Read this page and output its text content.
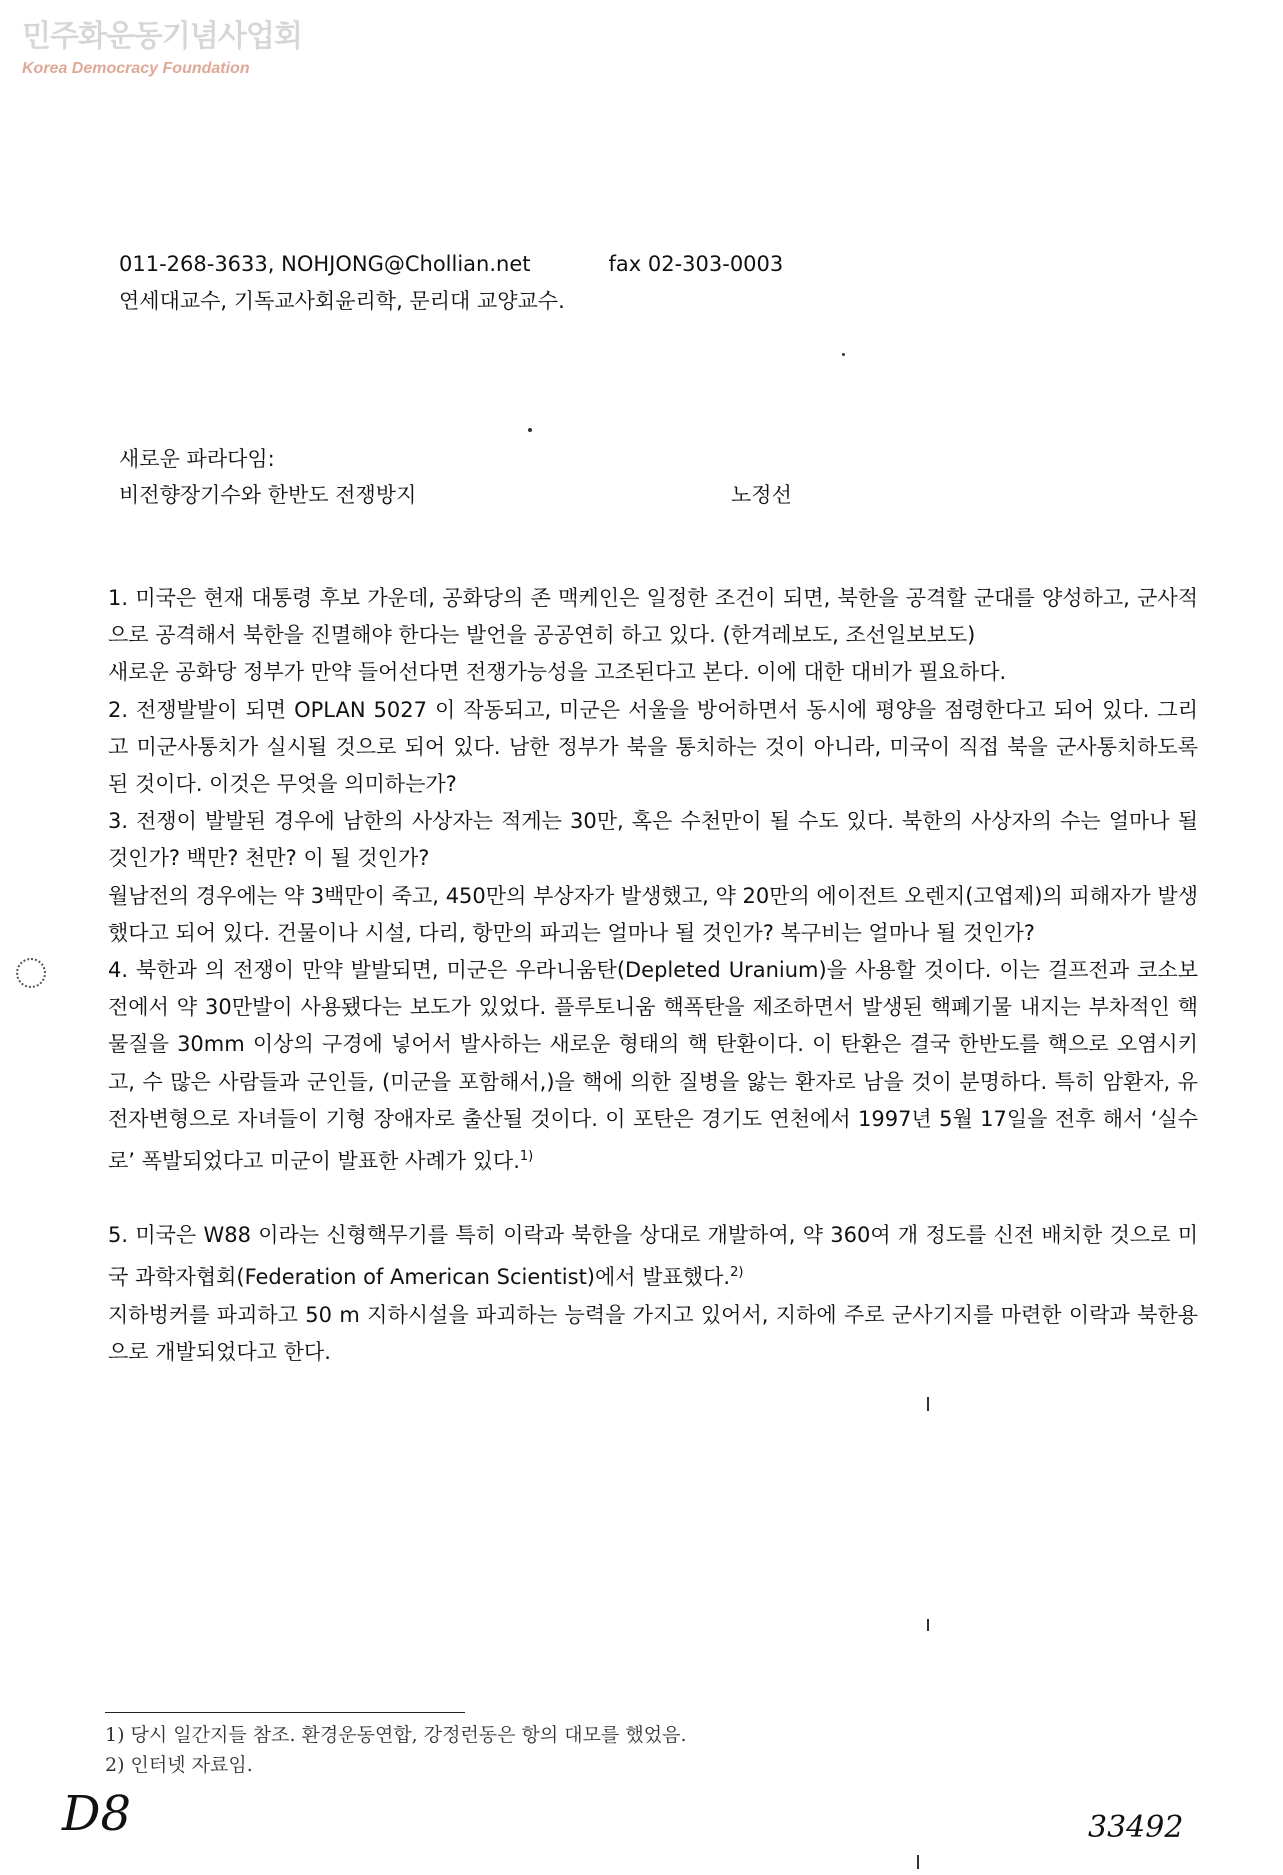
민주화운동기념사업회
Korea Democracy Foundation
011-268-3633, NOHJONG@Chollian.net	fax 02-303-0003
연세대교수, 기독교사회윤리학, 문리대 교양교수.
새로운 파라다임:
비전향장기수와 한반도 전쟁방지	노정선

1. 미국은 현재 대통령 후보 가운데, 공화당의 존 맥케인은 일정한 조건이 되면, 북한을 공격할 군대를 양성하고, 군사적으로 공격해서 북한을 진멸해야 한다는 발언을 공공연히 하고 있다. (한겨레보도, 조선일보보도)

새로운 공화당 정부가 만약 들어선다면 전쟁가능성을 고조된다고 본다. 이에 대한 대비가 필요하다.

2. 전쟁발발이 되면 OPLAN 5027 이 작동되고, 미군은 서울을 방어하면서 동시에 평양을 점령한다고 되어 있다. 그리고 미군사통치가 실시될 것으로 되어 있다. 남한 정부가 북을 통치하는 것이 아니라, 미국이 직접 북을 군사통치하도록 된 것이다. 이것은 무엇을 의미하는가?

3. 전쟁이 발발된 경우에 남한의 사상자는 적게는 30만, 혹은 수천만이 될 수도 있다. 북한의 사상자의 수는 얼마나 될 것인가? 백만? 천만? 이 될 것인가?

월남전의 경우에는 약 3백만이 죽고, 450만의 부상자가 발생했고, 약 20만의 에이전트 오렌지(고엽제)의 피해자가 발생했다고 되어 있다. 건물이나 시설, 다리, 항만의 파괴는 얼마나 될 것인가? 복구비는 얼마나 될 것인가?

4. 북한과 의 전쟁이 만약 발발되면, 미군은 우라니움탄(Depleted Uranium)을 사용할 것이다. 이는 걸프전과 코소보전에서 약 30만발이 사용됐다는 보도가 있었다. 플루토니움 핵폭탄을 제조하면서 발생된 핵폐기물 내지는 부차적인 핵물질을 30mm 이상의 구경에 넣어서 발사하는 새로운 형태의 핵 탄환이다. 이 탄환은 결국 한반도를 핵으로 오염시키고, 수 많은 사람들과 군인들, (미군을 포함해서,)을 핵에 의한 질병을 앓는 환자로 남을 것이 분명하다. 특히 암환자, 유전자변형으로 자녀들이 기형 장애자로 출산될 것이다. 이 포탄은 경기도 연천에서 1997년 5월 17일을 전후 해서 ‘실수로’ 폭발되었다고 미군이 발표한 사례가 있다.$^{1)}$

5. 미국은 W88 이라는 신형핵무기를 특히 이락과 북한을 상대로 개발하여, 약 360여 개 정도를 신전 배치한 것으로 미국 과학자협회(Federation of American Scientist)에서 발표했다.$^{2)}$

지하벙커를 파괴하고 50 m 지하시설을 파괴하는 능력을 가지고 있어서, 지하에 주로 군사기지를 마련한 이락과 북한용으로 개발되었다고 한다.

1) 당시 일간지들 참조. 환경운동연합, 강정런동은 항의 대모를 했었음.
2) 인터넷 자료임.
D8	33492
